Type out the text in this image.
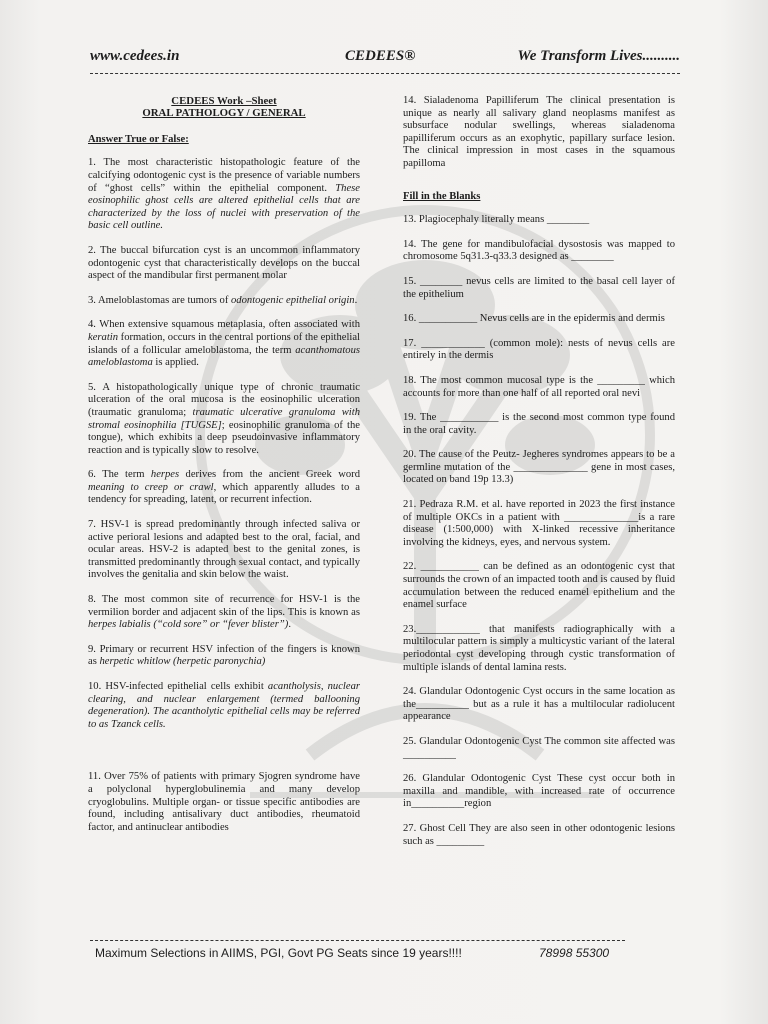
www.cedees.in	CEDEES®	We Transform Lives..........
CEDEES Work –Sheet
ORAL PATHOLOGY / GENERAL
Answer True or False:

1. The most characteristic histopathologic feature of the calcifying odontogenic cyst is the presence of variable numbers of “ghost cells” within the epithelial component. These eosinophilic ghost cells are altered epithelial cells that are characterized by the loss of nuclei with preservation of the basic cell outline.

2. The buccal bifurcation cyst is an uncommon inflammatory odontogenic cyst that characteristically develops on the buccal aspect of the mandibular first permanent molar

3. Ameloblastomas are tumors of odontogenic epithelial origin.

4. When extensive squamous metaplasia, often associated with keratin formation, occurs in the central portions of the epithelial islands of a follicular ameloblastoma, the term acanthomatous ameloblastoma is applied.

5. A histopathologically unique type of chronic traumatic ulceration of the oral mucosa is the eosinophilic ulceration (traumatic granuloma; traumatic ulcerative granuloma with stromal eosinophilia [TUGSE]; eosinophilic granuloma of the tongue), which exhibits a deep pseudoinvasive inflammatory reaction and is typically slow to resolve.

6. The term herpes derives from the ancient Greek word meaning to creep or crawl, which apparently alludes to a tendency for spreading, latent, or recurrent infection.

7. HSV-1 is spread predominantly through infected saliva or active perioral lesions and adapted best to the oral, facial, and ocular areas. HSV-2 is adapted best to the genital zones, is transmitted predominantly through sexual contact, and typically involves the genitalia and skin below the waist.

8. The most common site of recurrence for HSV-1 is the vermilion border and adjacent skin of the lips. This is known as herpes labialis (“cold sore” or “fever blister”).

9. Primary or recurrent HSV infection of the fingers is known as herpetic whitlow (herpetic paronychia)

10. HSV-infected epithelial cells exhibit acantholysis, nuclear clearing, and nuclear enlargement (termed ballooning degeneration). The acantholytic epithelial cells may be referred to as Tzanck cells.

11. Over 75% of patients with primary Sjogren syndrome have a polyclonal hyperglobulinemia and many develop cryoglobulins. Multiple organ- or tissue specific antibodies are found, including antisalivary duct antibodies, rheumatoid factor, and antinuclear antibodies

14. Sialadenoma Papilliferum The clinical presentation is unique as nearly all salivary gland neoplasms manifest as subsurface nodular swellings, whereas sialadenoma papilliferum occurs as an exophytic, papillary surface lesion. The clinical impression in most cases in the squamous papilloma

Fill in the Blanks

13. Plagiocephaly literally means ________

14. The gene for mandibulofacial dysostosis was mapped to chromosome 5q31.3-q33.3 designed as ________

15. ________ nevus cells are limited to the basal cell layer of the epithelium

16. ___________ Nevus cells are in the epidermis and dermis

17. ____________ (common mole): nests of nevus cells are entirely in the dermis

18. The most common mucosal type is the _________ which accounts for more than one half of all reported oral nevi

19. The ___________ is the second most common type found in the oral cavity.

20. The cause of the Peutz- Jegheres syndromes appears to be a germline mutation of the ______________ gene in most cases, located on band 19p 13.3)

21. Pedraza R.M. et al. have reported in 2023 the first instance of multiple OKCs in a patient with ______________is a rare disease (1:500,000) with X-linked recessive inheritance involving the kidneys, eyes, and nervous system.

22. ___________ can be defined as an odontogenic cyst that surrounds the crown of an impacted tooth and is caused by fluid accumulation between the reduced enamel epithelium and the enamel surface

23.____________ that manifests radiographically with a multilocular pattern is simply a multicystic variant of the lateral periodontal cyst developing through cystic transformation of multiple islands of dental lamina rests.

24. Glandular Odontogenic Cyst occurs in the same location as the__________ but as a rule it has a multilocular radiolucent appearance

25. Glandular Odontogenic Cyst The common site affected was __________

26. Glandular Odontogenic Cyst These cyst occur both in maxilla and mandible, with increased rate of occurrence in__________region

27. Ghost Cell They are also seen in other odontogenic lesions such as _________

Maximum Selections in AIIMS, PGI, Govt PG Seats since 19 years!!!!	78998 55300
